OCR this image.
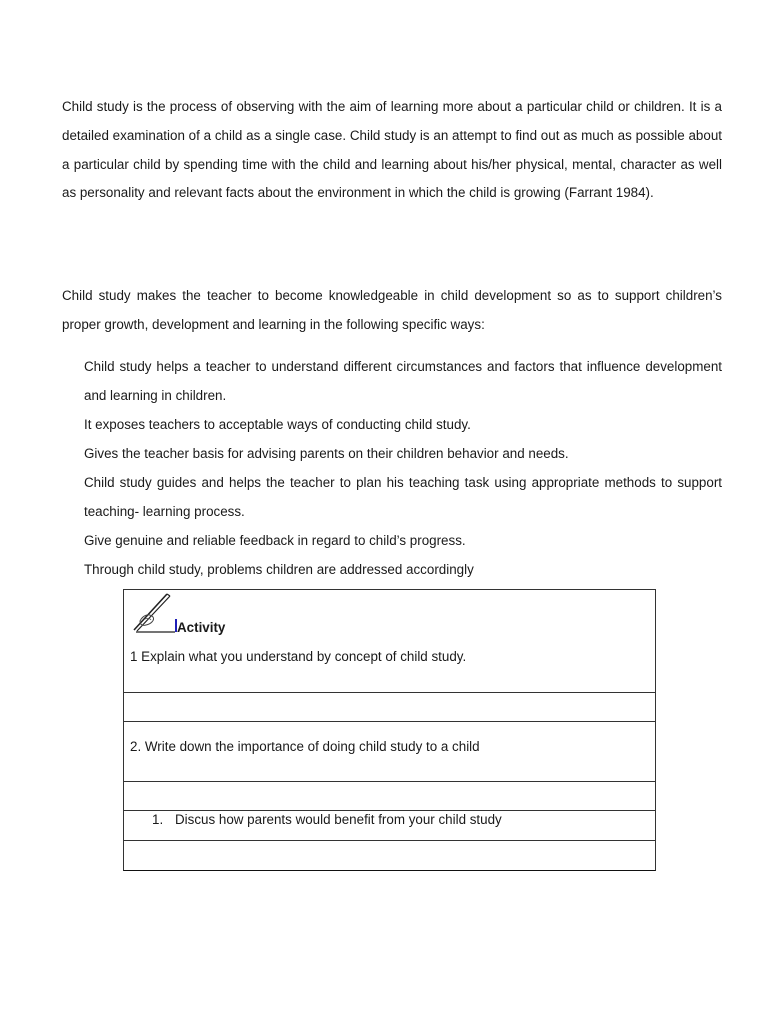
Child study is the process of observing with the aim of learning more about a particular child or children. It is a detailed examination of a child as a single case. Child study is an attempt to find out as much as possible about a particular child by spending time with the child and learning about his/her physical, mental, character as well as personality and relevant facts about the environment in which the child is growing (Farrant 1984).

Child study makes the teacher to become knowledgeable in child development so as to support children’s proper growth, development and learning in the following specific ways:

Child study helps a teacher to understand different circumstances and factors that influence development and learning in children.
It exposes teachers to acceptable ways of conducting child study.
Gives the teacher basis for advising parents on their children behavior and needs.
Child study guides and helps the teacher to plan his teaching task using appropriate methods to support teaching- learning process.
Give genuine and reliable feedback in regard to child’s progress.
Through child study, problems children are addressed accordingly
Activity
1 Explain what you understand by concept of child study.
2. Write down the importance of doing child study to a child
1. Discus how parents would benefit from your child study
